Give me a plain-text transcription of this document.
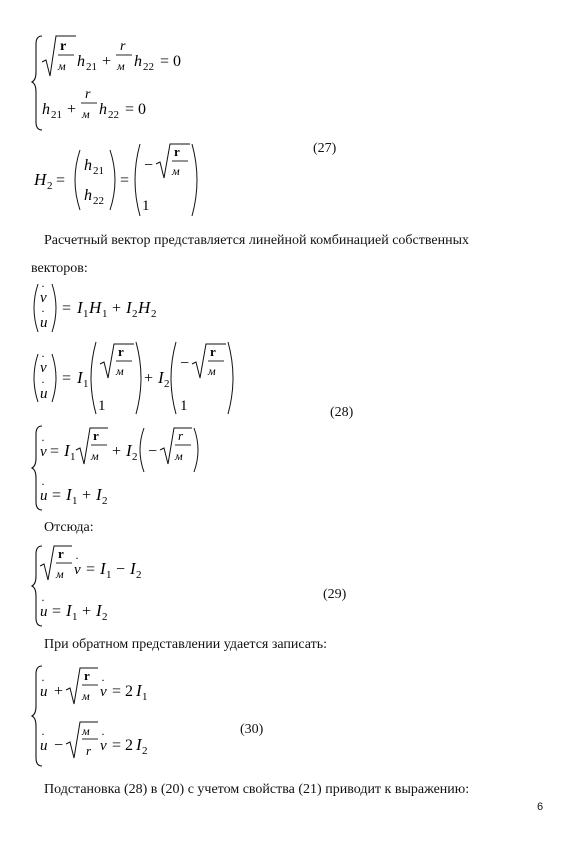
r
м h 21 +
r
м h 22 = 0
h 21 +
r
м h 22 = 0
H 2 =
h 21
h 22
=
−
r
м
1
(27)
Расчетный вектор представляется линейной комбинацией собственных
векторов:
v
·
u
· = I 1 H 1 + I 2 H 2
v
·
u
· = I 1
r
м
1
+ I 2
−
r
м
1	(28)
v
·
= I 1
r
м + I 2 −
r
м
u
·
= I 1 + I 2
Отсюда:
r
м v
·
= I 1 − I 2
u
·
= I 1 + I 2
(29)
При обратном представлении удается записать:
u
·
+
r
м v
·
= 2 I 1
u
·
−
м
r v
·
= 2 I 2
(30)
Подстановка (28) в (20) с учетом свойства (21) приводит к выражению:
6
